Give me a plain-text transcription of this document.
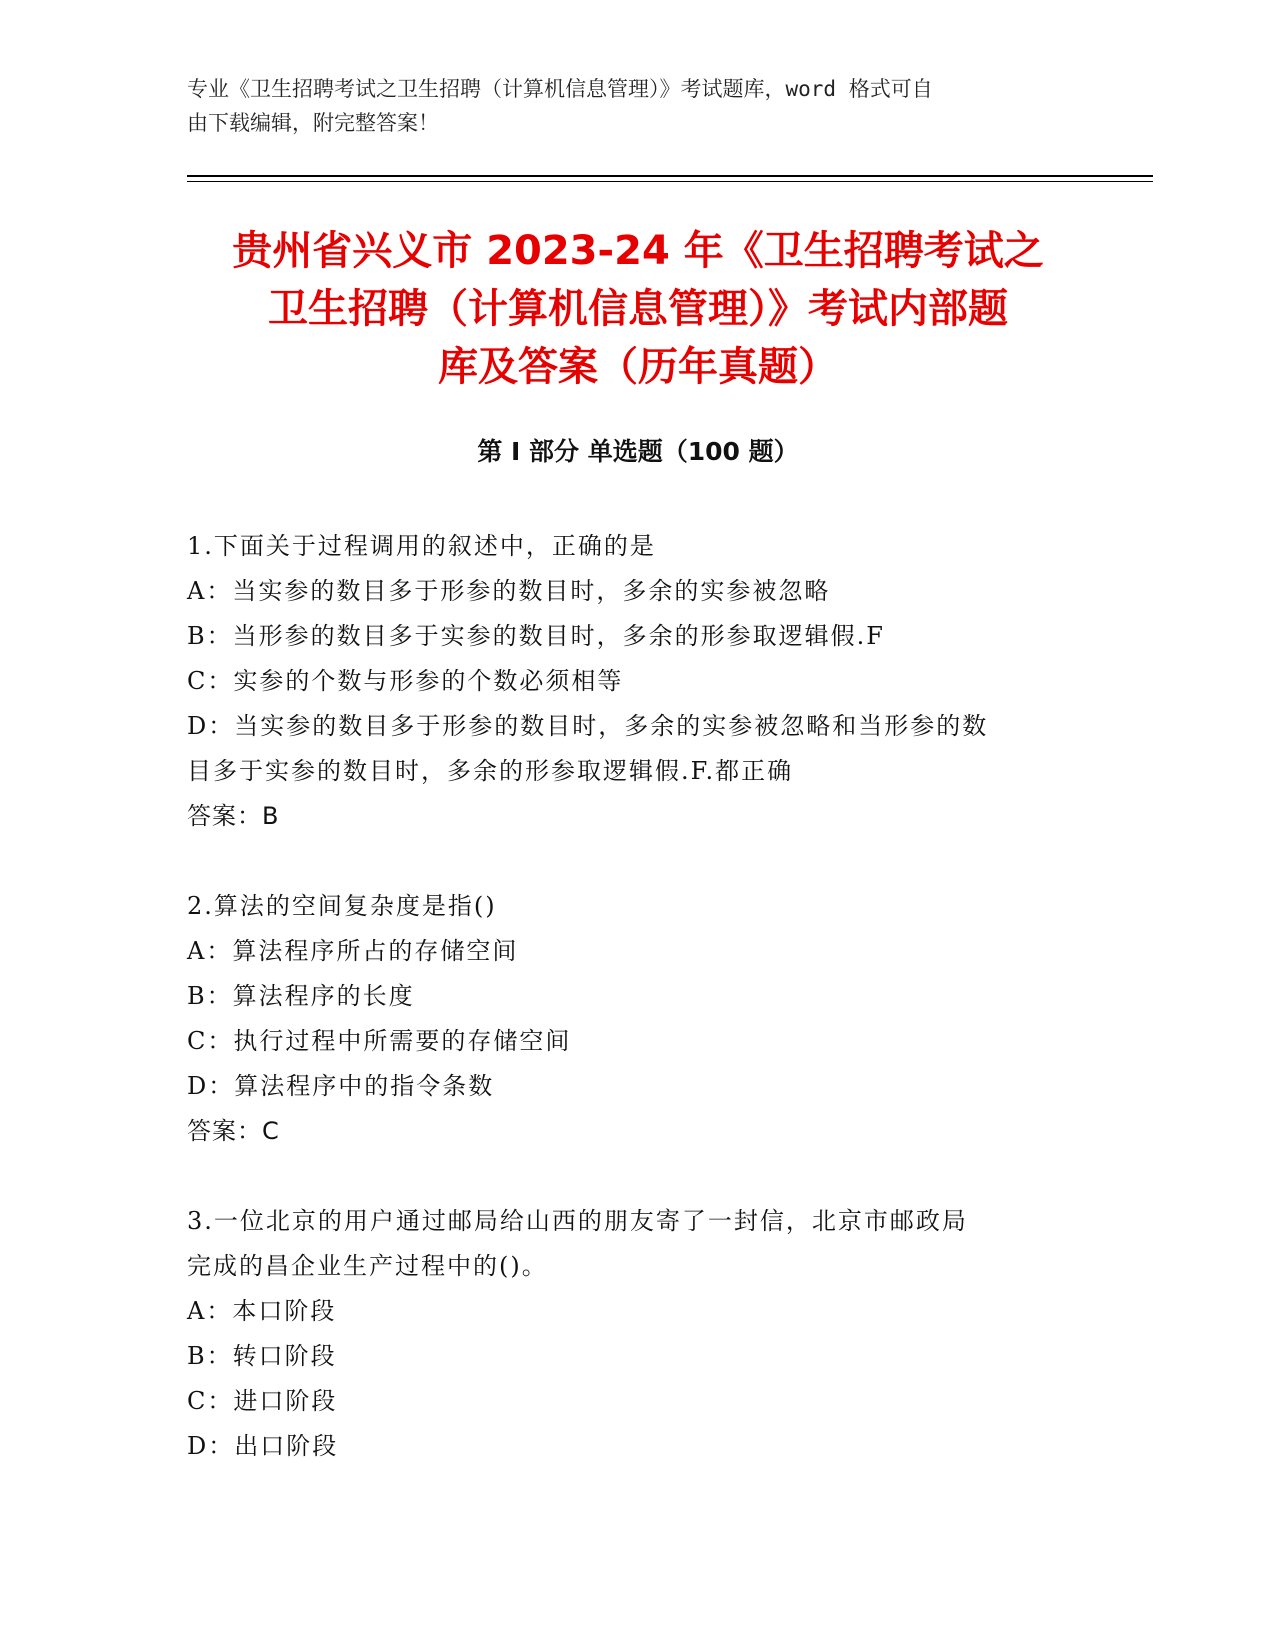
专业《卫生招聘考试之卫生招聘（计算机信息管理）》考试题库，word 格式可自
由下载编辑，附完整答案！
贵州省兴义市 2023-24 年《卫生招聘考试之
卫生招聘（计算机信息管理）》考试内部题
库及答案（历年真题）
第 I 部分 单选题（100 题）
1.下面关于过程调用的叙述中，正确的是
A：当实参的数目多于形参的数目时，多余的实参被忽略
B：当形参的数目多于实参的数目时，多余的形参取逻辑假.F
C：实参的个数与形参的个数必须相等
D：当实参的数目多于形参的数目时，多余的实参被忽略和当形参的数
目多于实参的数目时，多余的形参取逻辑假.F.都正确
答案：B
2.算法的空间复杂度是指()
A：算法程序所占的存储空间
B：算法程序的长度
C：执行过程中所需要的存储空间
D：算法程序中的指令条数
答案：C
3.一位北京的用户通过邮局给山西的朋友寄了一封信，北京市邮政局
完成的昌企业生产过程中的()。
A：本口阶段
B：转口阶段
C：进口阶段
D：出口阶段
